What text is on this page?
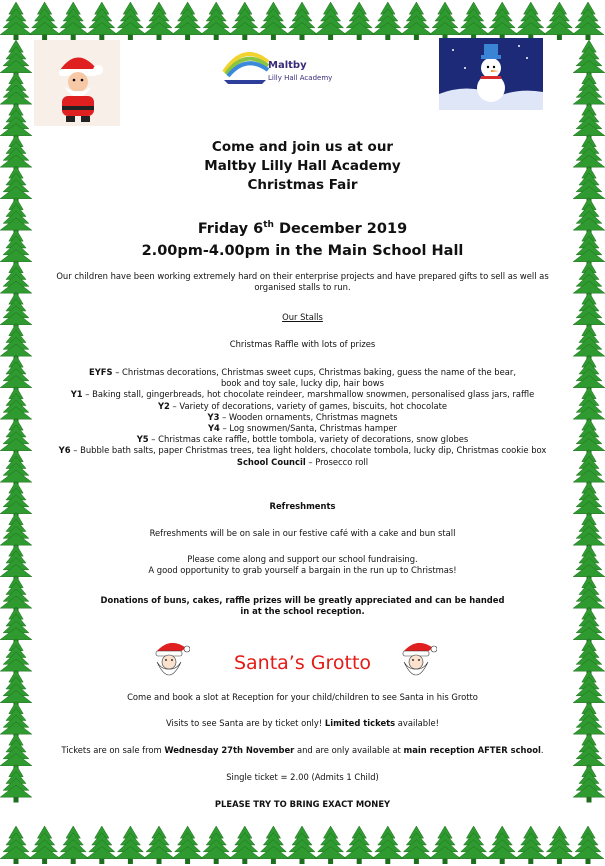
Maltby
Lilly Hall Academy
Come and join us at our
Maltby Lilly Hall Academy
Christmas Fair
Friday 6th December 2019
2.00pm-4.00pm in the Main School Hall
Our children have been working extremely hard on their enterprise projects and have prepared gifts to sell as well as organised stalls to run.
Our Stalls
Christmas Raffle with lots of prizes
EYFS – Christmas decorations, Christmas sweet cups, Christmas baking, guess the name of the bear,
book and toy sale, lucky dip, hair bows
Y1 – Baking stall, gingerbreads, hot chocolate reindeer, marshmallow snowmen, personalised glass jars, raffle
Y2 – Variety of decorations, variety of games, biscuits, hot chocolate
Y3 – Wooden ornaments, Christmas magnets
Y4 – Log snowmen/Santa, Christmas hamper
Y5 – Christmas cake raffle, bottle tombola, variety of decorations, snow globes
Y6 – Bubble bath salts, paper Christmas trees, tea light holders, chocolate tombola, lucky dip, Christmas cookie box
School Council – Prosecco roll
Refreshments
Refreshments will be on sale in our festive café with a cake and bun stall
Please come along and support our school fundraising.
A good opportunity to grab yourself a bargain in the run up to Christmas!
Donations of buns, cakes, raffle prizes will be greatly appreciated and can be handed
in at the school reception.
Santa’s Grotto
Come and book a slot at Reception for your child/children to see Santa in his Grotto
Visits to see Santa are by ticket only! Limited tickets available!
Tickets are on sale from Wednesday 27th November and are only available at main reception AFTER school.
Single ticket = 2.00 (Admits 1 Child)
PLEASE TRY TO BRING EXACT MONEY
